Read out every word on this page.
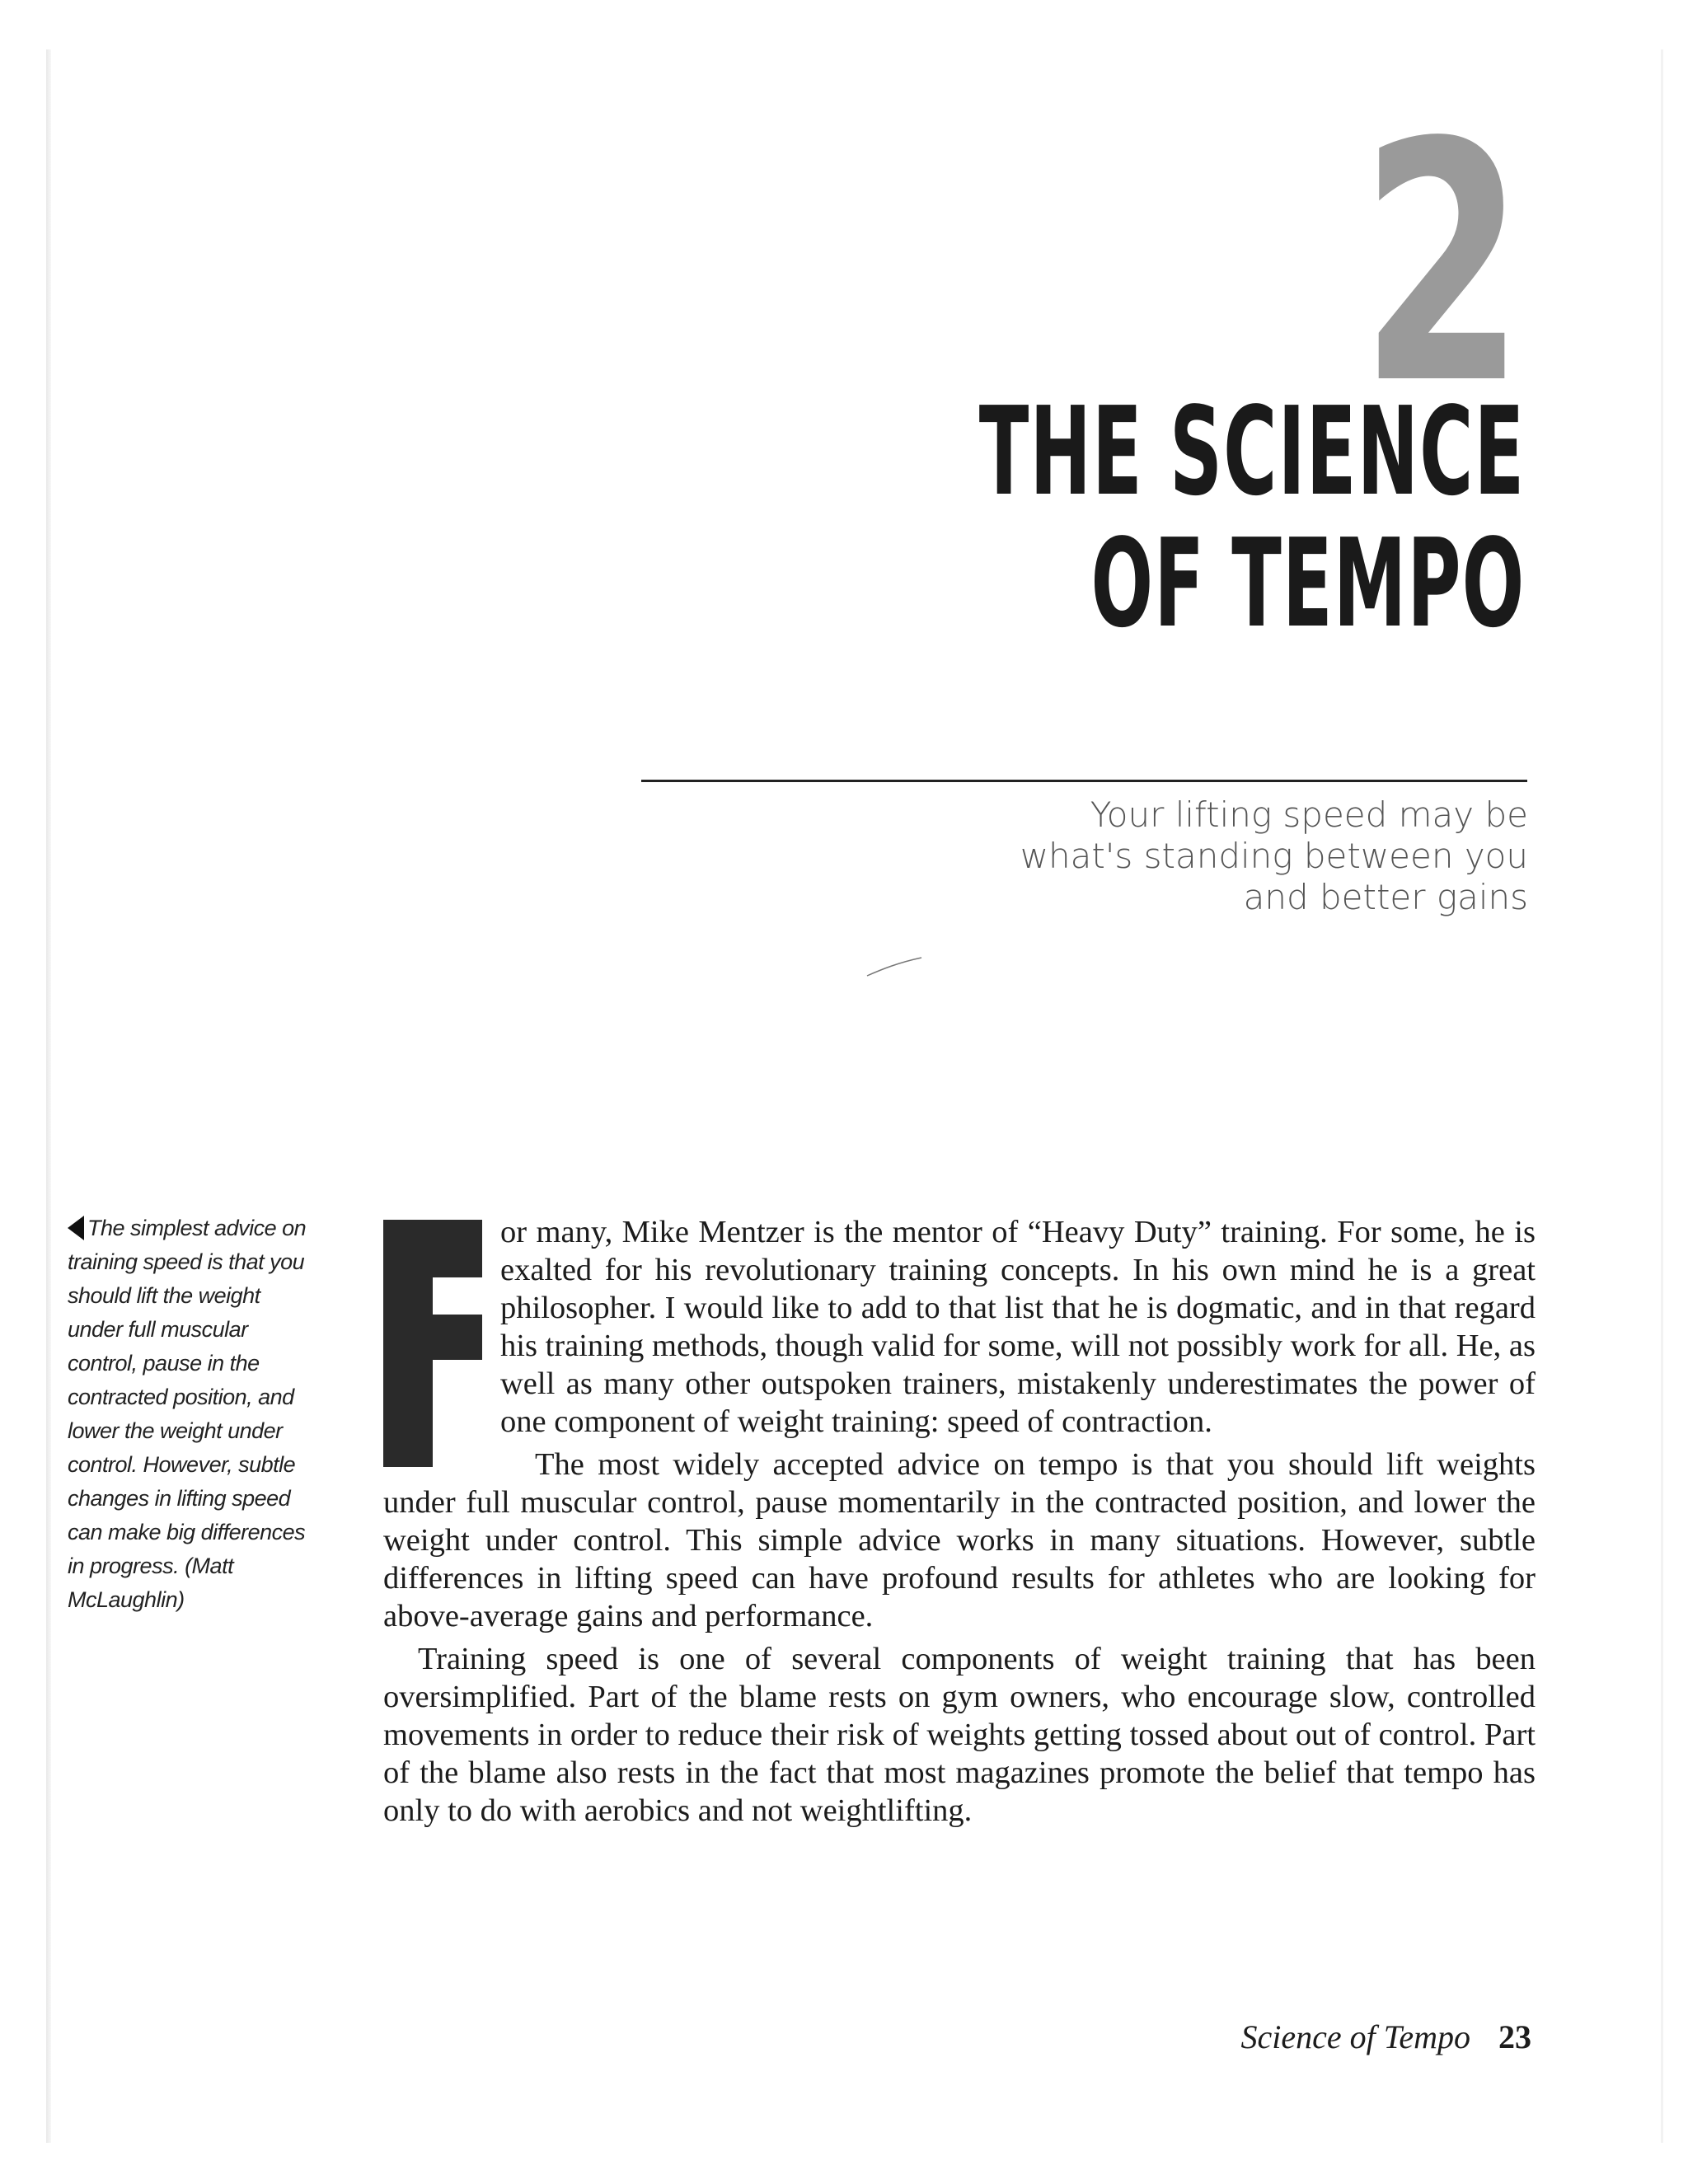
2
THE SCIENCE
OF TEMPO

Your lifting speed may be
what's standing between you
and better gains

The simplest advice on training speed is that you should lift the weight under full muscular control, pause in the contracted position, and lower the weight under control. However, subtle changes in lifting speed can make big differences in progress. (Matt McLaughlin)

or many, Mike Mentzer is the mentor of “Heavy Duty” training. For some, he is exalted for his revolutionary training concepts. In his own mind he is a great philosopher. I would like to add to that list that he is dogmatic, and in that regard his training methods, though valid for some, will not possibly work for all. He, as well as many other outspoken trainers, mistakenly underestimates the power of one component of weight training: speed of contraction.

The most widely accepted advice on tempo is that you should lift weights under full muscular control, pause momentarily in the contracted position, and lower the weight under control. This simple advice works in many situations. However, subtle differences in lifting speed can have profound results for athletes who are looking for above-average gains and performance.

Training speed is one of several components of weight training that has been oversimplified. Part of the blame rests on gym owners, who encourage slow, controlled movements in order to reduce their risk of weights getting tossed about out of control. Part of the blame also rests in the fact that most magazines promote the belief that tempo has only to do with aerobics and not weightlifting.

Science of Tempo 23
